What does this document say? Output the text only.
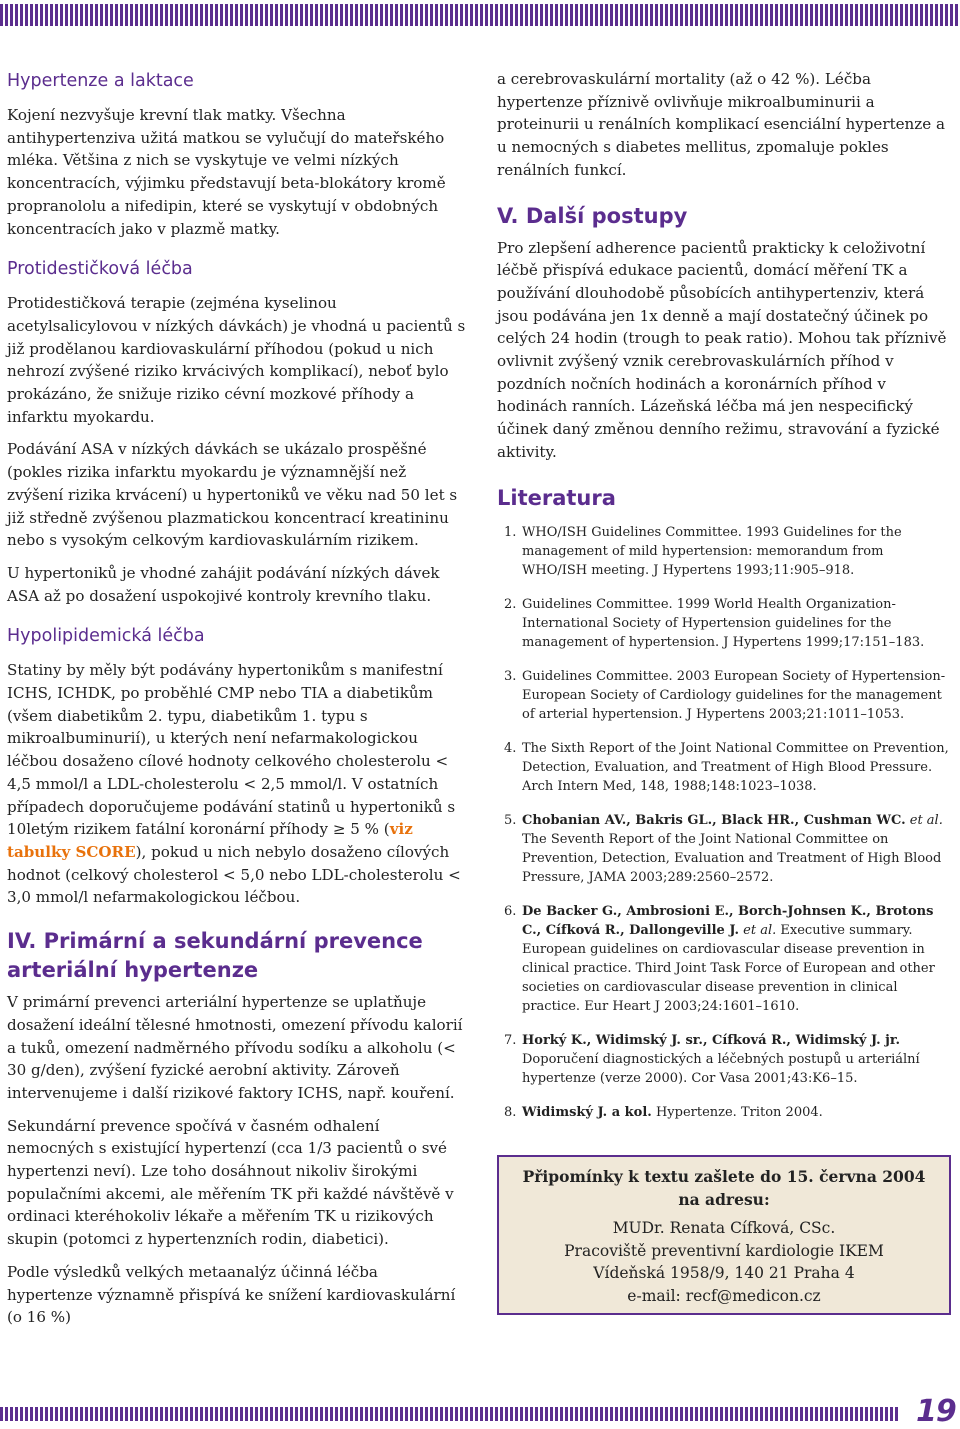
Hypertenze a laktace

Kojení nezvyšuje krevní tlak matky. Všechna antihypertenziva užitá matkou se vylučují do mateřského mléka. Většina z nich se vyskytuje ve velmi nízkých koncentracích, výjimku představují beta-blokátory kromě propranololu a nifedipin, které se vyskytují v obdobných koncentracích jako v plazmě matky.

Protidestičková léčba

Protidestičková terapie (zejména kyselinou acetylsalicylovou v nízkých dávkách) je vhodná u pacientů s již prodělanou kardiovaskulární příhodou (pokud u nich nehrozí zvýšené riziko krvácivých komplikací), neboť bylo prokázáno, že snižuje riziko cévní mozkové příhody a infarktu myokardu.

Podávání ASA v nízkých dávkách se ukázalo prospěšné (pokles rizika infarktu myokardu je významnější než zvýšení rizika krvácení) u hypertoniků ve věku nad 50 let s již středně zvýšenou plazmatickou koncentrací kreatininu nebo s vysokým celkovým kardiovaskulárním rizikem.

U hypertoniků je vhodné zahájit podávání nízkých dávek ASA až po dosažení uspokojivé kontroly krevního tlaku.

Hypolipidemická léčba

Statiny by měly být podávány hypertonikům s manifestní ICHS, ICHDK, po proběhlé CMP nebo TIA a diabetikům (všem diabetikům 2. typu, diabetikům 1. typu s mikroalbuminurií), u kterých není nefarmakologickou léčbou dosaženo cílové hodnoty celkového cholesterolu < 4,5 mmol/l a LDL-cholesterolu < 2,5 mmol/l. V ostatních případech doporučujeme podávání statinů u hypertoniků s 10letým rizikem fatální koronární příhody ≥ 5 % (viz tabulky SCORE), pokud u nich nebylo dosaženo cílových hodnot (celkový cholesterol < 5,0 nebo LDL-cholesterolu < 3,0 mmol/l nefarmakologickou léčbou.

IV. Primární a sekundární prevence arteriální hypertenze

V primární prevenci arteriální hypertenze se uplatňuje dosažení ideální tělesné hmotnosti, omezení přívodu kalorií a tuků, omezení nadměrného přívodu sodíku a alkoholu (< 30 g/den), zvýšení fyzické aerobní aktivity. Zároveň intervenujeme i další rizikové faktory ICHS, např. kouření.

Sekundární prevence spočívá v časném odhalení nemocných s existující hypertenzí (cca 1/3 pacientů o své hypertenzi neví). Lze toho dosáhnout nikoliv širokými populačními akcemi, ale měřením TK při každé návštěvě v ordinaci kteréhokoliv lékaře a měřením TK u rizikových skupin (potomci z hypertenzních rodin, diabetici).

Podle výsledků velkých metaanalýz účinná léčba hypertenze významně přispívá ke snížení kardiovaskulární (o 16 %)

a cerebrovaskulární mortality (až o 42 %). Léčba hypertenze příznivě ovlivňuje mikroalbuminurii a proteinurii u renálních komplikací esenciální hypertenze a u nemocných s diabetes mellitus, zpomaluje pokles renálních funkcí.

V. Další postupy

Pro zlepšení adherence pacientů prakticky k celoživotní léčbě přispívá edukace pacientů, domácí měření TK a používání dlouhodobě působících antihypertenziv, která jsou podávána jen 1x denně a mají dostatečný účinek po celých 24 hodin (trough to peak ratio). Mohou tak příznivě ovlivnit zvýšený vznik cerebrovaskulárních příhod v pozdních nočních hodinách a koronárních příhod v hodinách ranních. Lázeňská léčba má jen nespecifický účinek daný změnou denního režimu, stravování a fyzické aktivity.

Literatura
1. WHO/ISH Guidelines Committee. 1993 Guidelines for the management of mild hypertension: memorandum from WHO/ISH meeting. J Hypertens 1993;11:905–918.
2. Guidelines Committee. 1999 World Health Organization-International Society of Hypertension guidelines for the management of hypertension. J Hypertens 1999;17:151–183.
3. Guidelines Committee. 2003 European Society of Hypertension-European Society of Cardiology guidelines for the management of arterial hypertension. J Hypertens 2003;21:1011–1053.
4. The Sixth Report of the Joint National Committee on Prevention, Detection, Evaluation, and Treatment of High Blood Pressure. Arch Intern Med, 148, 1988;148:1023–1038.
5. Chobanian AV., Bakris GL., Black HR., Cushman WC. et al. The Seventh Report of the Joint National Committee on Prevention, Detection, Evaluation and Treatment of High Blood Pressure, JAMA 2003;289:2560–2572.
6. De Backer G., Ambrosioni E., Borch-Johnsen K., Brotons C., Cífková R., Dallongeville J. et al. Executive summary. European guidelines on cardiovascular disease prevention in clinical practice. Third Joint Task Force of European and other societies on cardiovascular disease prevention in clinical practice. Eur Heart J 2003;24:1601–1610.
7. Horký K., Widimský J. sr., Cífková R., Widimský J. jr. Doporučení diagnostických a léčebných postupů u arteriální hypertenze (verze 2000). Cor Vasa 2001;43:K6–15.
8. Widimský J. a kol. Hypertenze. Triton 2004.
Připomínky k textu zašlete do 15. června 2004
na adresu:
MUDr. Renata Cífková, CSc.
Pracoviště preventivní kardiologie IKEM
Vídeňská 1958/9, 140 21 Praha 4
e-mail: recf@medicon.cz
19
